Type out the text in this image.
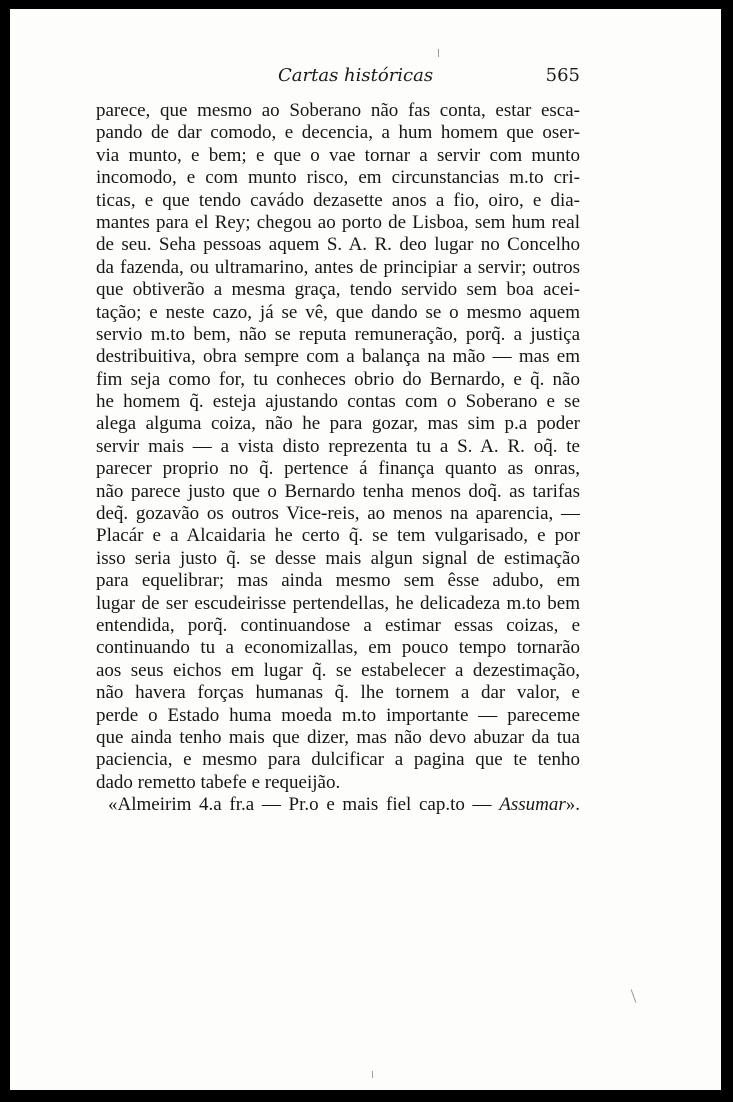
Cartas históricas	565
parece, que mesmo ao Soberano não fas conta, estar esca-
pando de dar comodo, e decencia, a hum homem que oser-
via munto, e bem; e que o vae tornar a servir com munto
incomodo, e com munto risco, em circunstancias m.to cri-
ticas, e que tendo cavádo dezasette anos a fio, oiro, e dia-
mantes para el Rey; chegou ao porto de Lisboa, sem hum real
de seu. Seha pessoas aquem S. A. R. deo lugar no Concelho
da fazenda, ou ultramarino, antes de principiar a servir; outros
que obtiverão a mesma graça, tendo servido sem boa acei-
tação; e neste cazo, já se vê, que dando se o mesmo aquem
servio m.to bem, não se reputa remuneração, porq̃. a justiça
destribuitiva, obra sempre com a balança na mão — mas em
fim seja como for, tu conheces obrio do Bernardo, e q̃. não
he homem q̃. esteja ajustando contas com o Soberano e se
alega alguma coiza, não he para gozar, mas sim p.a poder
servir mais — a vista disto reprezenta tu a S. A. R. oq̃. te
parecer proprio no q̃. pertence á finança quanto as onras,
não parece justo que o Bernardo tenha menos doq̃. as tarifas
deq̃. gozavão os outros Vice-reis, ao menos na aparencia, —
Placár e a Alcaidaria he certo q̃. se tem vulgarisado, e por
isso seria justo q̃. se desse mais algun signal de estimação
para equelibrar; mas ainda mesmo sem êsse adubo, em
lugar de ser escudeirisse pertendellas, he delicadeza m.to bem
entendida, porq̃. continuandose a estimar essas coizas, e
continuando tu a economizallas, em pouco tempo tornarão
aos seus eichos em lugar q̃. se estabelecer a dezestimação,
não havera forças humanas q̃. lhe tornem a dar valor, e
perde o Estado huma moeda m.to importante — pareceme
que ainda tenho mais que dizer, mas não devo abuzar da tua
paciencia, e mesmo para dulcificar a pagina que te tenho
dado remetto tabefe e requeijão.
«Almeirim 4.a fr.a — Pr.o e mais fiel cap.to — Assumar».
